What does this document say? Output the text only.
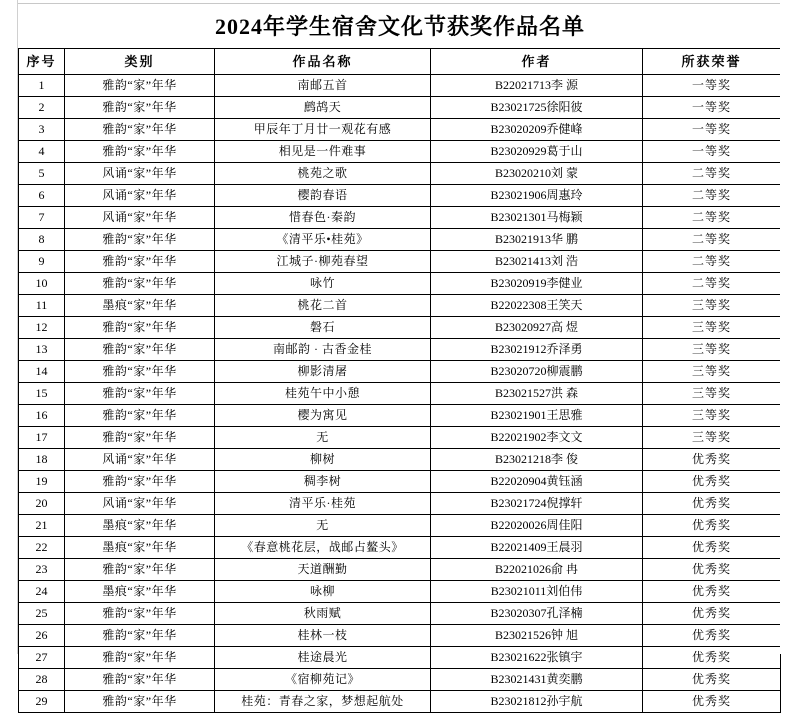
2024年学生宿舍文化节获奖作品名单
序号	类别	作品名称	作者	所获荣誉
1	雅韵“家”年华	南邮五首	B22021713李 源	一等奖
2	雅韵“家”年华	鹧鸪天	B23021725徐阳彼	一等奖
3	雅韵“家”年华	甲辰年丁月廿一观花有感	B23020209乔健峰	一等奖
4	雅韵“家”年华	相见是一件难事	B23020929葛于山	一等奖
5	风诵“家”年华	桃苑之歌	B23020210刘 蒙	二等奖
6	风诵“家”年华	樱韵春语	B23021906周惠玲	二等奖
7	风诵“家”年华	惜春色·秦韵	B23021301马梅颖	二等奖
8	雅韵“家”年华	《清平乐•桂苑》	B23021913华 鹏	二等奖
9	雅韵“家”年华	江城子·柳苑春望	B23021413刘 浩	二等奖
10	雅韵“家”年华	咏竹	B23020919李健业	二等奖
11	墨痕“家”年华	桃花二首	B22022308王笑天	三等奖
12	雅韵“家”年华	磐石	B23020927高 煜	三等奖
13	雅韵“家”年华	南邮韵 · 古香金桂	B23021912乔泽勇	三等奖
14	雅韵“家”年华	柳影清屠	B23020720柳震鹏	三等奖
15	雅韵“家”年华	桂苑午中小憩	B23021527洪 森	三等奖
16	雅韵“家”年华	樱为寓见	B23021901王思雅	三等奖
17	雅韵“家”年华	无	B22021902李文文	三等奖
18	风诵“家”年华	柳树	B23021218李 俊	优秀奖
19	雅韵“家”年华	稠李树	B22020904黄钰涵	优秀奖
20	风诵“家”年华	清平乐·桂苑	B23021724倪撑轩	优秀奖
21	墨痕“家”年华	无	B22020026周佳阳	优秀奖
22	墨痕“家”年华	《春意桃花层，战邮占鳌头》	B22021409王晨羽	优秀奖
23	雅韵“家”年华	天道酬勤	B22021026俞 冉	优秀奖
24	墨痕“家”年华	咏柳	B23021011刘伯伟	优秀奖
25	雅韵“家”年华	秋雨赋	B23020307孔泽楠	优秀奖
26	雅韵“家”年华	桂林一枝	B23021526钟 旭	优秀奖
27	雅韵“家”年华	桂途晨光	B23021622张镇宇	优秀奖
28	雅韵“家”年华	《宿柳苑记》	B23021431黄奕鹏	优秀奖
29	雅韵“家”年华	桂苑：青春之家，梦想起航处	B23021812孙宇航	优秀奖
